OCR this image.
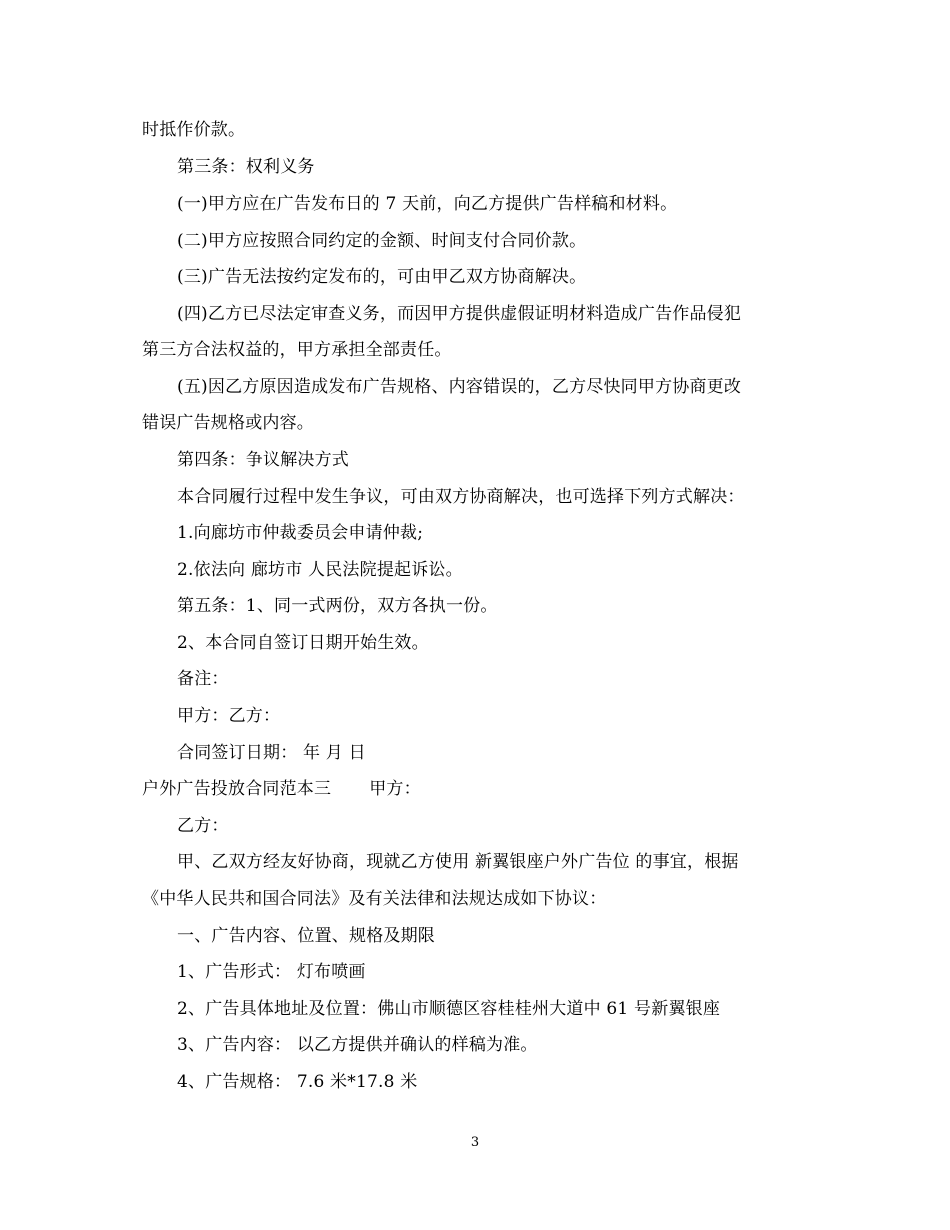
时抵作价款。
第三条：权利义务
(一)甲方应在广告发布日的 7 天前，向乙方提供广告样稿和材料。
(二)甲方应按照合同约定的金额、时间支付合同价款。
(三)广告无法按约定发布的，可由甲乙双方协商解决。
(四)乙方已尽法定审查义务，而因甲方提供虚假证明材料造成广告作品侵犯
第三方合法权益的，甲方承担全部责任。
(五)因乙方原因造成发布广告规格、内容错误的，乙方尽快同甲方协商更改
错误广告规格或内容。
第四条：争议解决方式
本合同履行过程中发生争议，可由双方协商解决，也可选择下列方式解决：
1.向廊坊市仲裁委员会申请仲裁;
2.依法向 廊坊市 人民法院提起诉讼。
第五条：1、同一式两份，双方各执一份。
2、本合同自签订日期开始生效。
备注：
甲方：乙方：
合同签订日期： 年 月 日
户外广告投放合同范本三 甲方：
乙方：
甲、乙双方经友好协商，现就乙方使用 新翼银座户外广告位 的事宜，根据
《中华人民共和国合同法》及有关法律和法规达成如下协议：
一、广告内容、位置、规格及期限
1、广告形式： 灯布喷画
2、广告具体地址及位置：佛山市顺德区容桂桂州大道中 61 号新翼银座
3、广告内容： 以乙方提供并确认的样稿为准。
4、广告规格： 7.6 米*17.8 米
3
